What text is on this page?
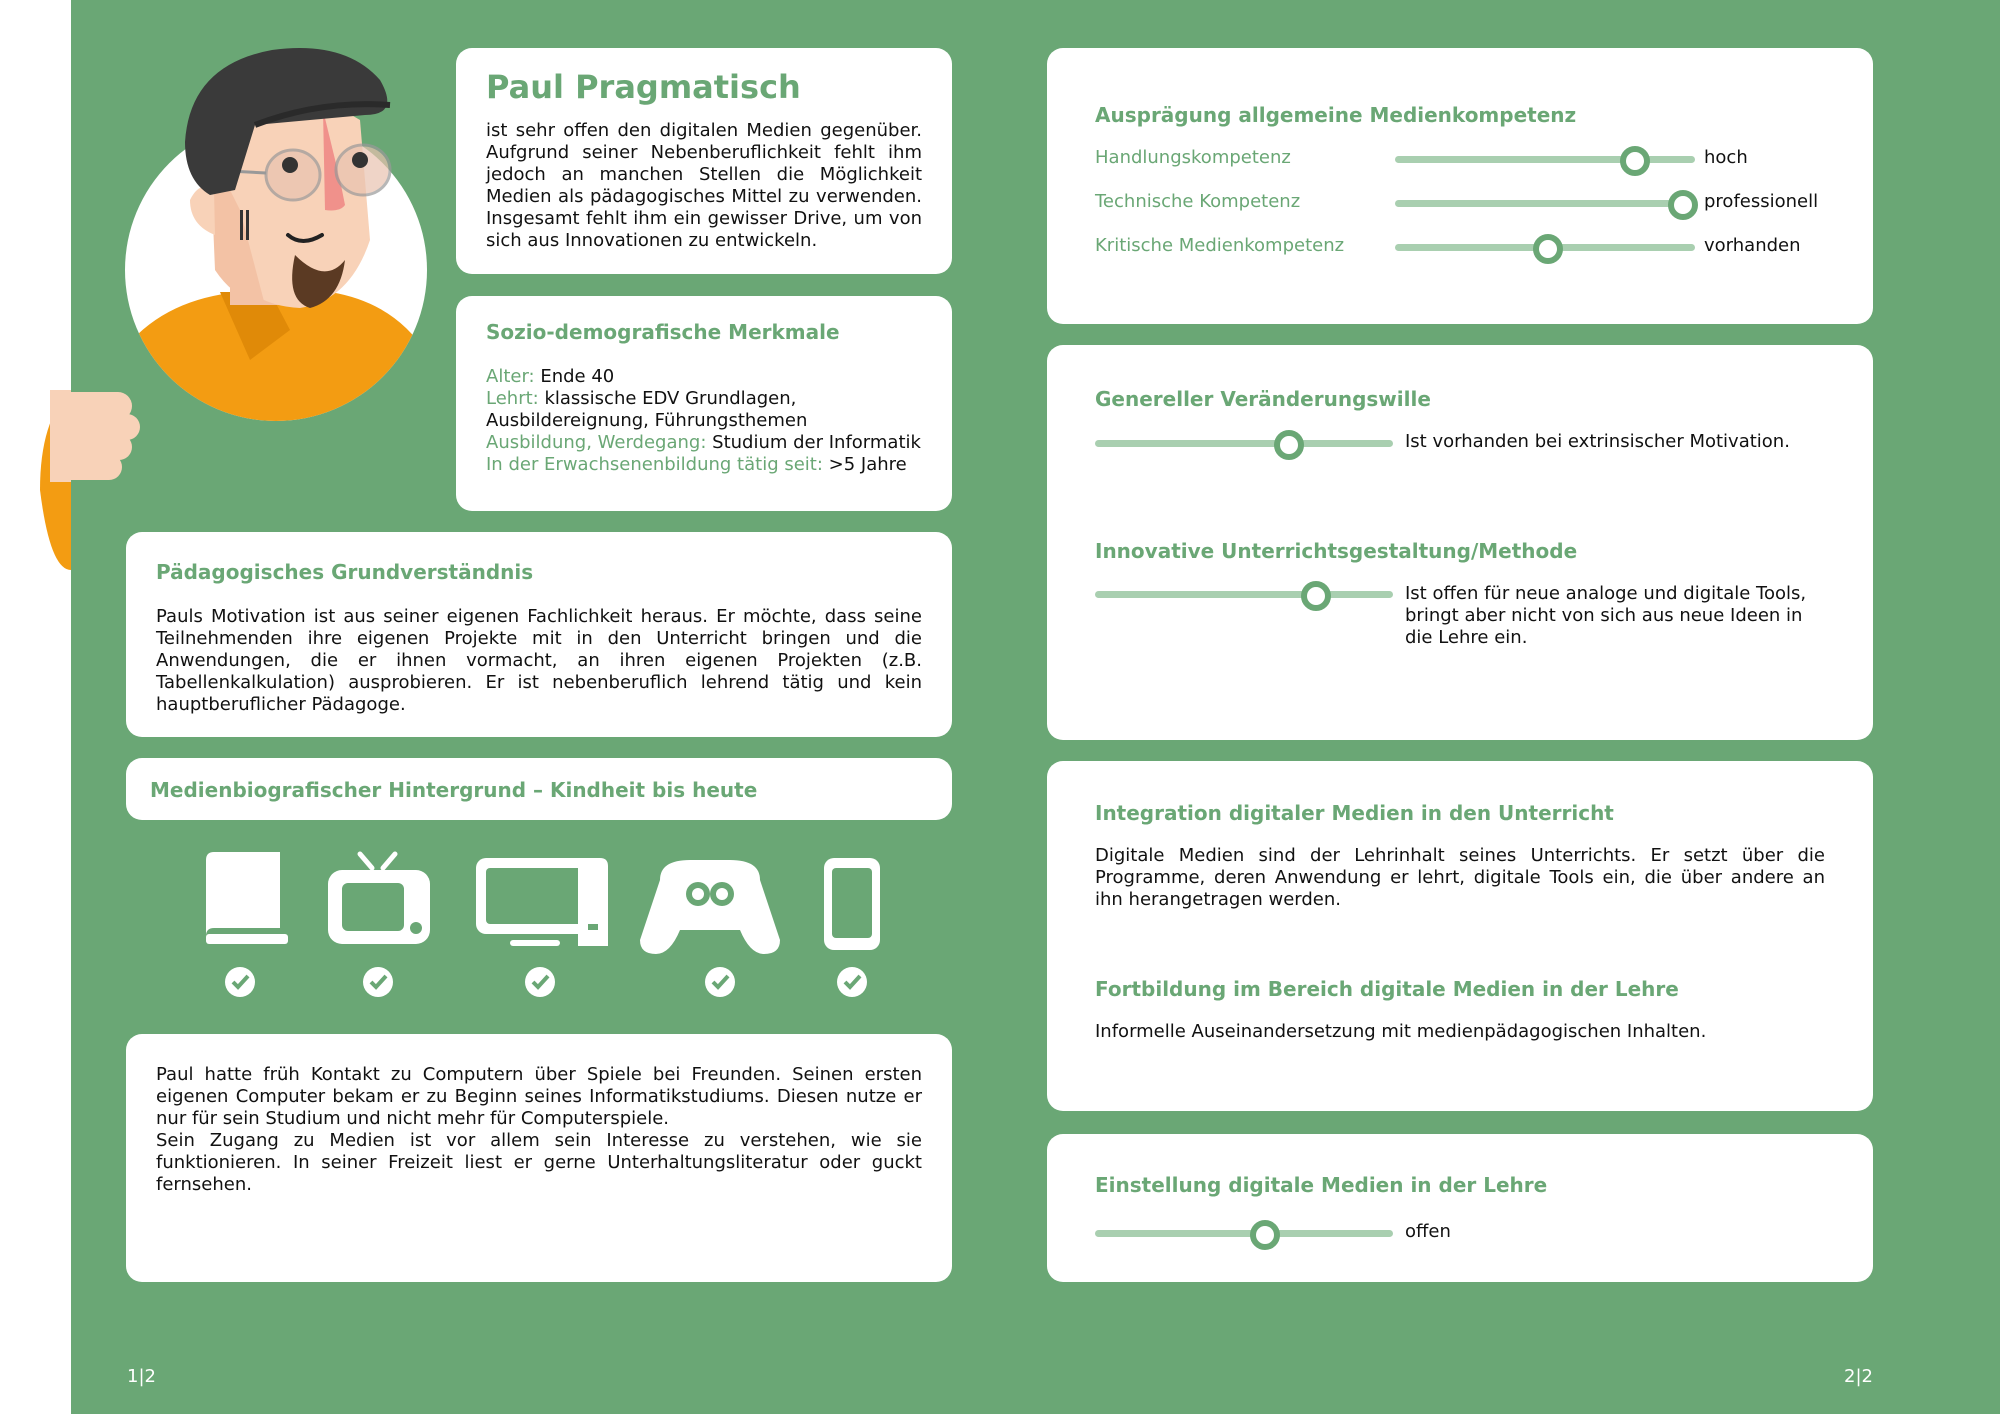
Paul Pragmatisch

ist sehr offen den digitalen Medien gegenüber. Aufgrund seiner Nebenberuflichkeit fehlt ihm jedoch an manchen Stellen die Möglichkeit Medien als pädagogisches Mittel zu verwenden. Insgesamt fehlt ihm ein gewisser Drive, um von sich aus Innovationen zu entwickeln.

Sozio-demografische Merkmale

Alter: Ende 40
Lehrt: klassische EDV Grundlagen, Ausbildereignung, Führungsthemen
Ausbildung, Werdegang: Studium der Informatik
In der Erwachsenenbildung tätig seit: >5 Jahre

Pädagogisches Grundverständnis

Pauls Motivation ist aus seiner eigenen Fachlichkeit heraus. Er möchte, dass seine Teilnehmenden ihre eigenen Projekte mit in den Unterricht bringen und die Anwendungen, die er ihnen vormacht, an ihren eigenen Projekten (z.B. Tabellenkalkulation) ausprobieren. Er ist nebenberuflich lehrend tätig und kein hauptberuflicher Pädagoge.

Medienbiografischer Hintergrund – Kindheit bis heute

Paul hatte früh Kontakt zu Computern über Spiele bei Freunden. Seinen ersten eigenen Computer bekam er zu Beginn seines Informatikstudiums. Diesen nutze er nur für sein Studium und nicht mehr für Computerspiele.

Sein Zugang zu Medien ist vor allem sein Interesse zu verstehen, wie sie funktionieren. In seiner Freizeit liest er gerne Unterhaltungsliteratur oder guckt fernsehen.

Ausprägung allgemeine Medienkompetenz

Handlungskompetenz	hoch
Technische Kompetenz	professionell
Kritische Medienkompetenz	vorhanden

Genereller Veränderungswille

Ist vorhanden bei extrinsischer Motivation.

Innovative Unterrichtsgestaltung/Methode

Ist offen für neue analoge und digitale Tools, bringt aber nicht von sich aus neue Ideen in die Lehre ein.

Integration digitaler Medien in den Unterricht

Digitale Medien sind der Lehrinhalt seines Unterrichts. Er setzt über die Programme, deren Anwendung er lehrt, digitale Tools ein, die über andere an ihn herangetragen werden.

Fortbildung im Bereich digitale Medien in der Lehre

Informelle Auseinandersetzung mit medienpädagogischen Inhalten.

Einstellung digitale Medien in der Lehre

offen
1|2	2|2
